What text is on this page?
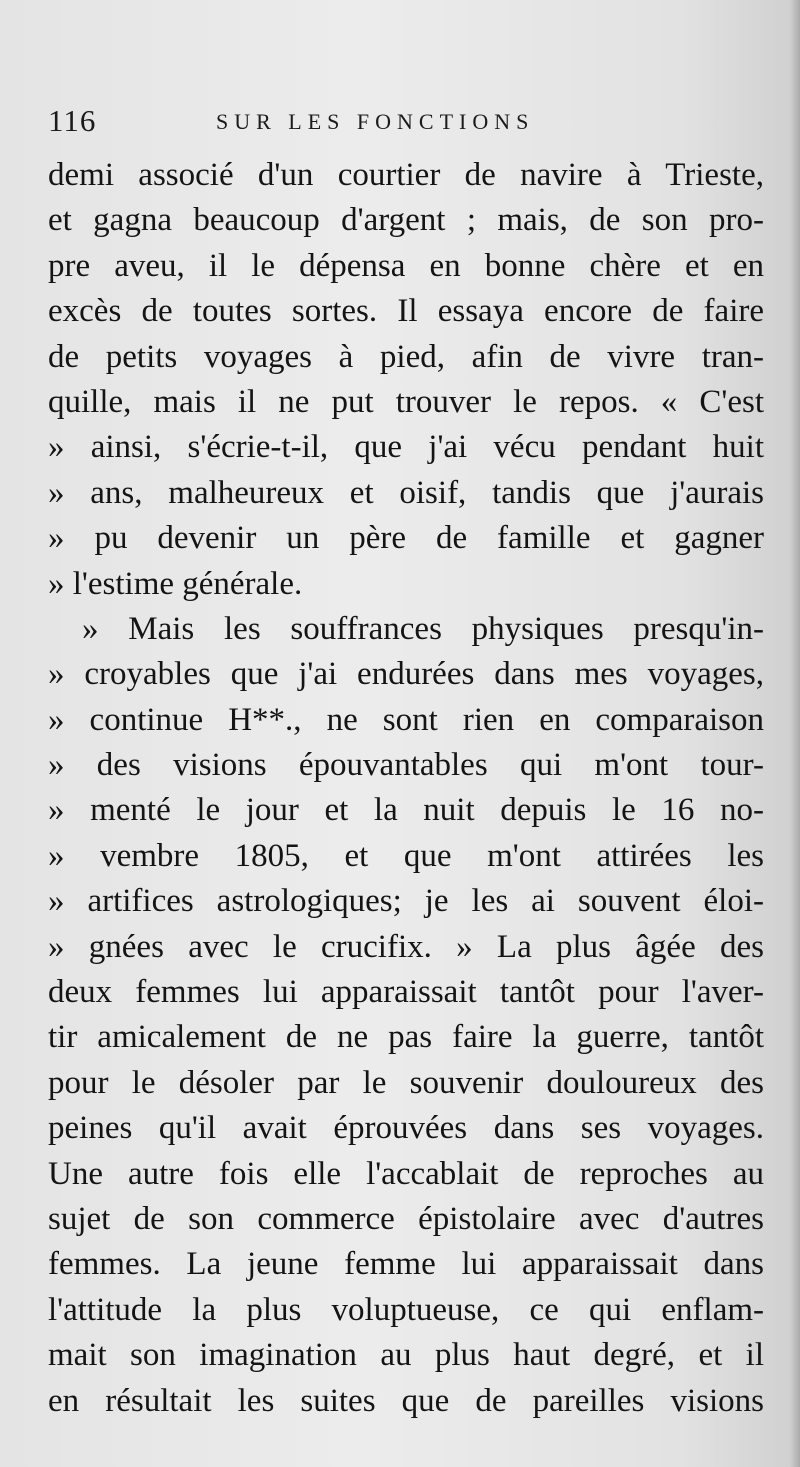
116	SUR LES FONCTIONS
demi associé d'un courtier de navire à Trieste,
et gagna beaucoup d'argent ; mais, de son pro-
pre aveu, il le dépensa en bonne chère et en
excès de toutes sortes. Il essaya encore de faire
de petits voyages à pied, afin de vivre tran-
quille, mais il ne put trouver le repos. « C'est
» ainsi, s'écrie-t-il, que j'ai vécu pendant huit
» ans, malheureux et oisif, tandis que j'aurais
» pu devenir un père de famille et gagner
» l'estime générale.
» Mais les souffrances physiques presqu'in-
» croyables que j'ai endurées dans mes voyages,
» continue H**., ne sont rien en comparaison
» des visions épouvantables qui m'ont tour-
» menté le jour et la nuit depuis le 16 no-
» vembre 1805, et que m'ont attirées les
» artifices astrologiques; je les ai souvent éloi-
» gnées avec le crucifix. » La plus âgée des
deux femmes lui apparaissait tantôt pour l'aver-
tir amicalement de ne pas faire la guerre, tantôt
pour le désoler par le souvenir douloureux des
peines qu'il avait éprouvées dans ses voyages.
Une autre fois elle l'accablait de reproches au
sujet de son commerce épistolaire avec d'autres
femmes. La jeune femme lui apparaissait dans
l'attitude la plus voluptueuse, ce qui enflam-
mait son imagination au plus haut degré, et il
en résultait les suites que de pareilles visions
